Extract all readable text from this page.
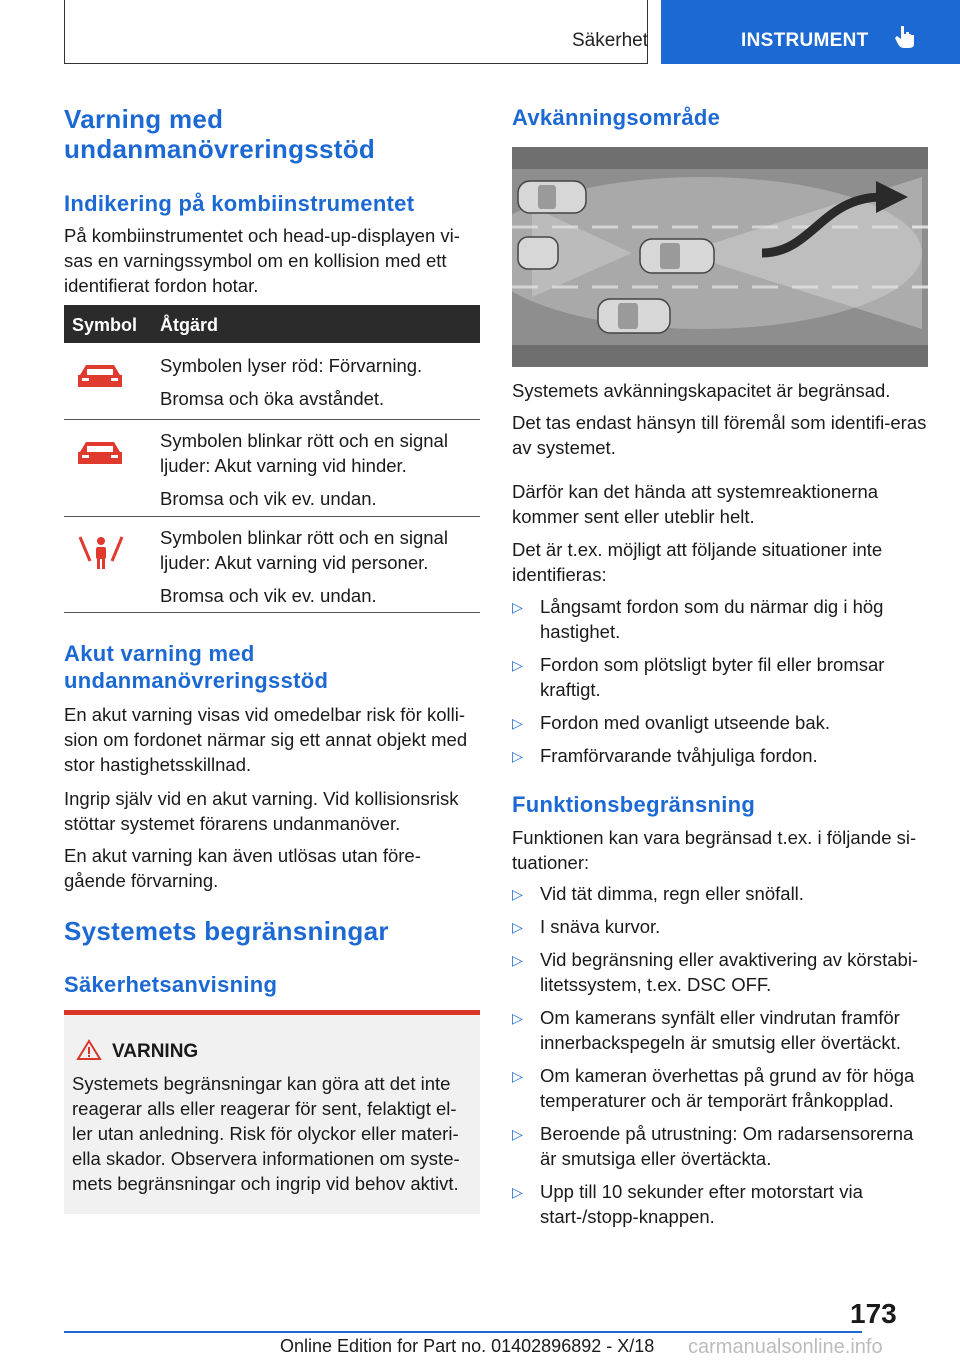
Säkerhet	INSTRUMENT
Varning med undanmanövreringsstöd
Indikering på kombiinstrumentet
På kombiinstrumentet och head-up-displayen vi-sas en varningssymbol om en kollision med ett identifierat fordon hotar.
Symbol Åtgärd

Symbolen lyser röd: Förvarning.

Bromsa och öka avståndet.

Symbolen blinkar rött och en signal ljuder: Akut varning vid hinder.

Bromsa och vik ev. undan.

Symbolen blinkar rött och en signal ljuder: Akut varning vid personer.

Bromsa och vik ev. undan.

Akut varning med undanmanövreringsstöd
En akut varning visas vid omedelbar risk för kolli-sion om fordonet närmar sig ett annat objekt med stor hastighetsskillnad.
Ingrip själv vid en akut varning. Vid kollisionsrisk stöttar systemet förarens undanmanöver.
En akut varning kan även utlösas utan före-gående förvarning.
Systemets begränsningar
Säkerhetsanvisning
VARNING
Systemets begränsningar kan göra att det inte reagerar alls eller reagerar för sent, felaktigt el-ler utan anledning. Risk för olyckor eller materi-ella skador. Observera informationen om syste-mets begränsningar och ingrip vid behov aktivt.
Avkänningsområde
Systemets avkänningskapacitet är begränsad.
Det tas endast hänsyn till föremål som identifi-eras av systemet.
Därför kan det hända att systemreaktionerna kommer sent eller uteblir helt.
Det är t.ex. möjligt att följande situationer inte identifieras:
▷ Långsamt fordon som du närmar dig i hög hastighet.
▷ Fordon som plötsligt byter fil eller bromsar kraftigt.
▷ Fordon med ovanligt utseende bak.
▷ Framförvarande tvåhjuliga fordon.
Funktionsbegränsning
Funktionen kan vara begränsad t.ex. i följande si-tuationer:
▷ Vid tät dimma, regn eller snöfall.
▷ I snäva kurvor.
▷ Vid begränsning eller avaktivering av körstabi-litetssystem, t.ex. DSC OFF.
▷ Om kamerans synfält eller vindrutan framför innerbackspegeln är smutsig eller övertäckt.
▷ Om kameran överhettas på grund av för höga temperaturer och är temporärt frånkopplad.
▷ Beroende på utrustning: Om radarsensorerna är smutsiga eller övertäckta.
▷ Upp till 10 sekunder efter motorstart via start-/stopp-knappen.
173
Online Edition for Part no. 01402896892 - X/18 carmanualsonline.info
